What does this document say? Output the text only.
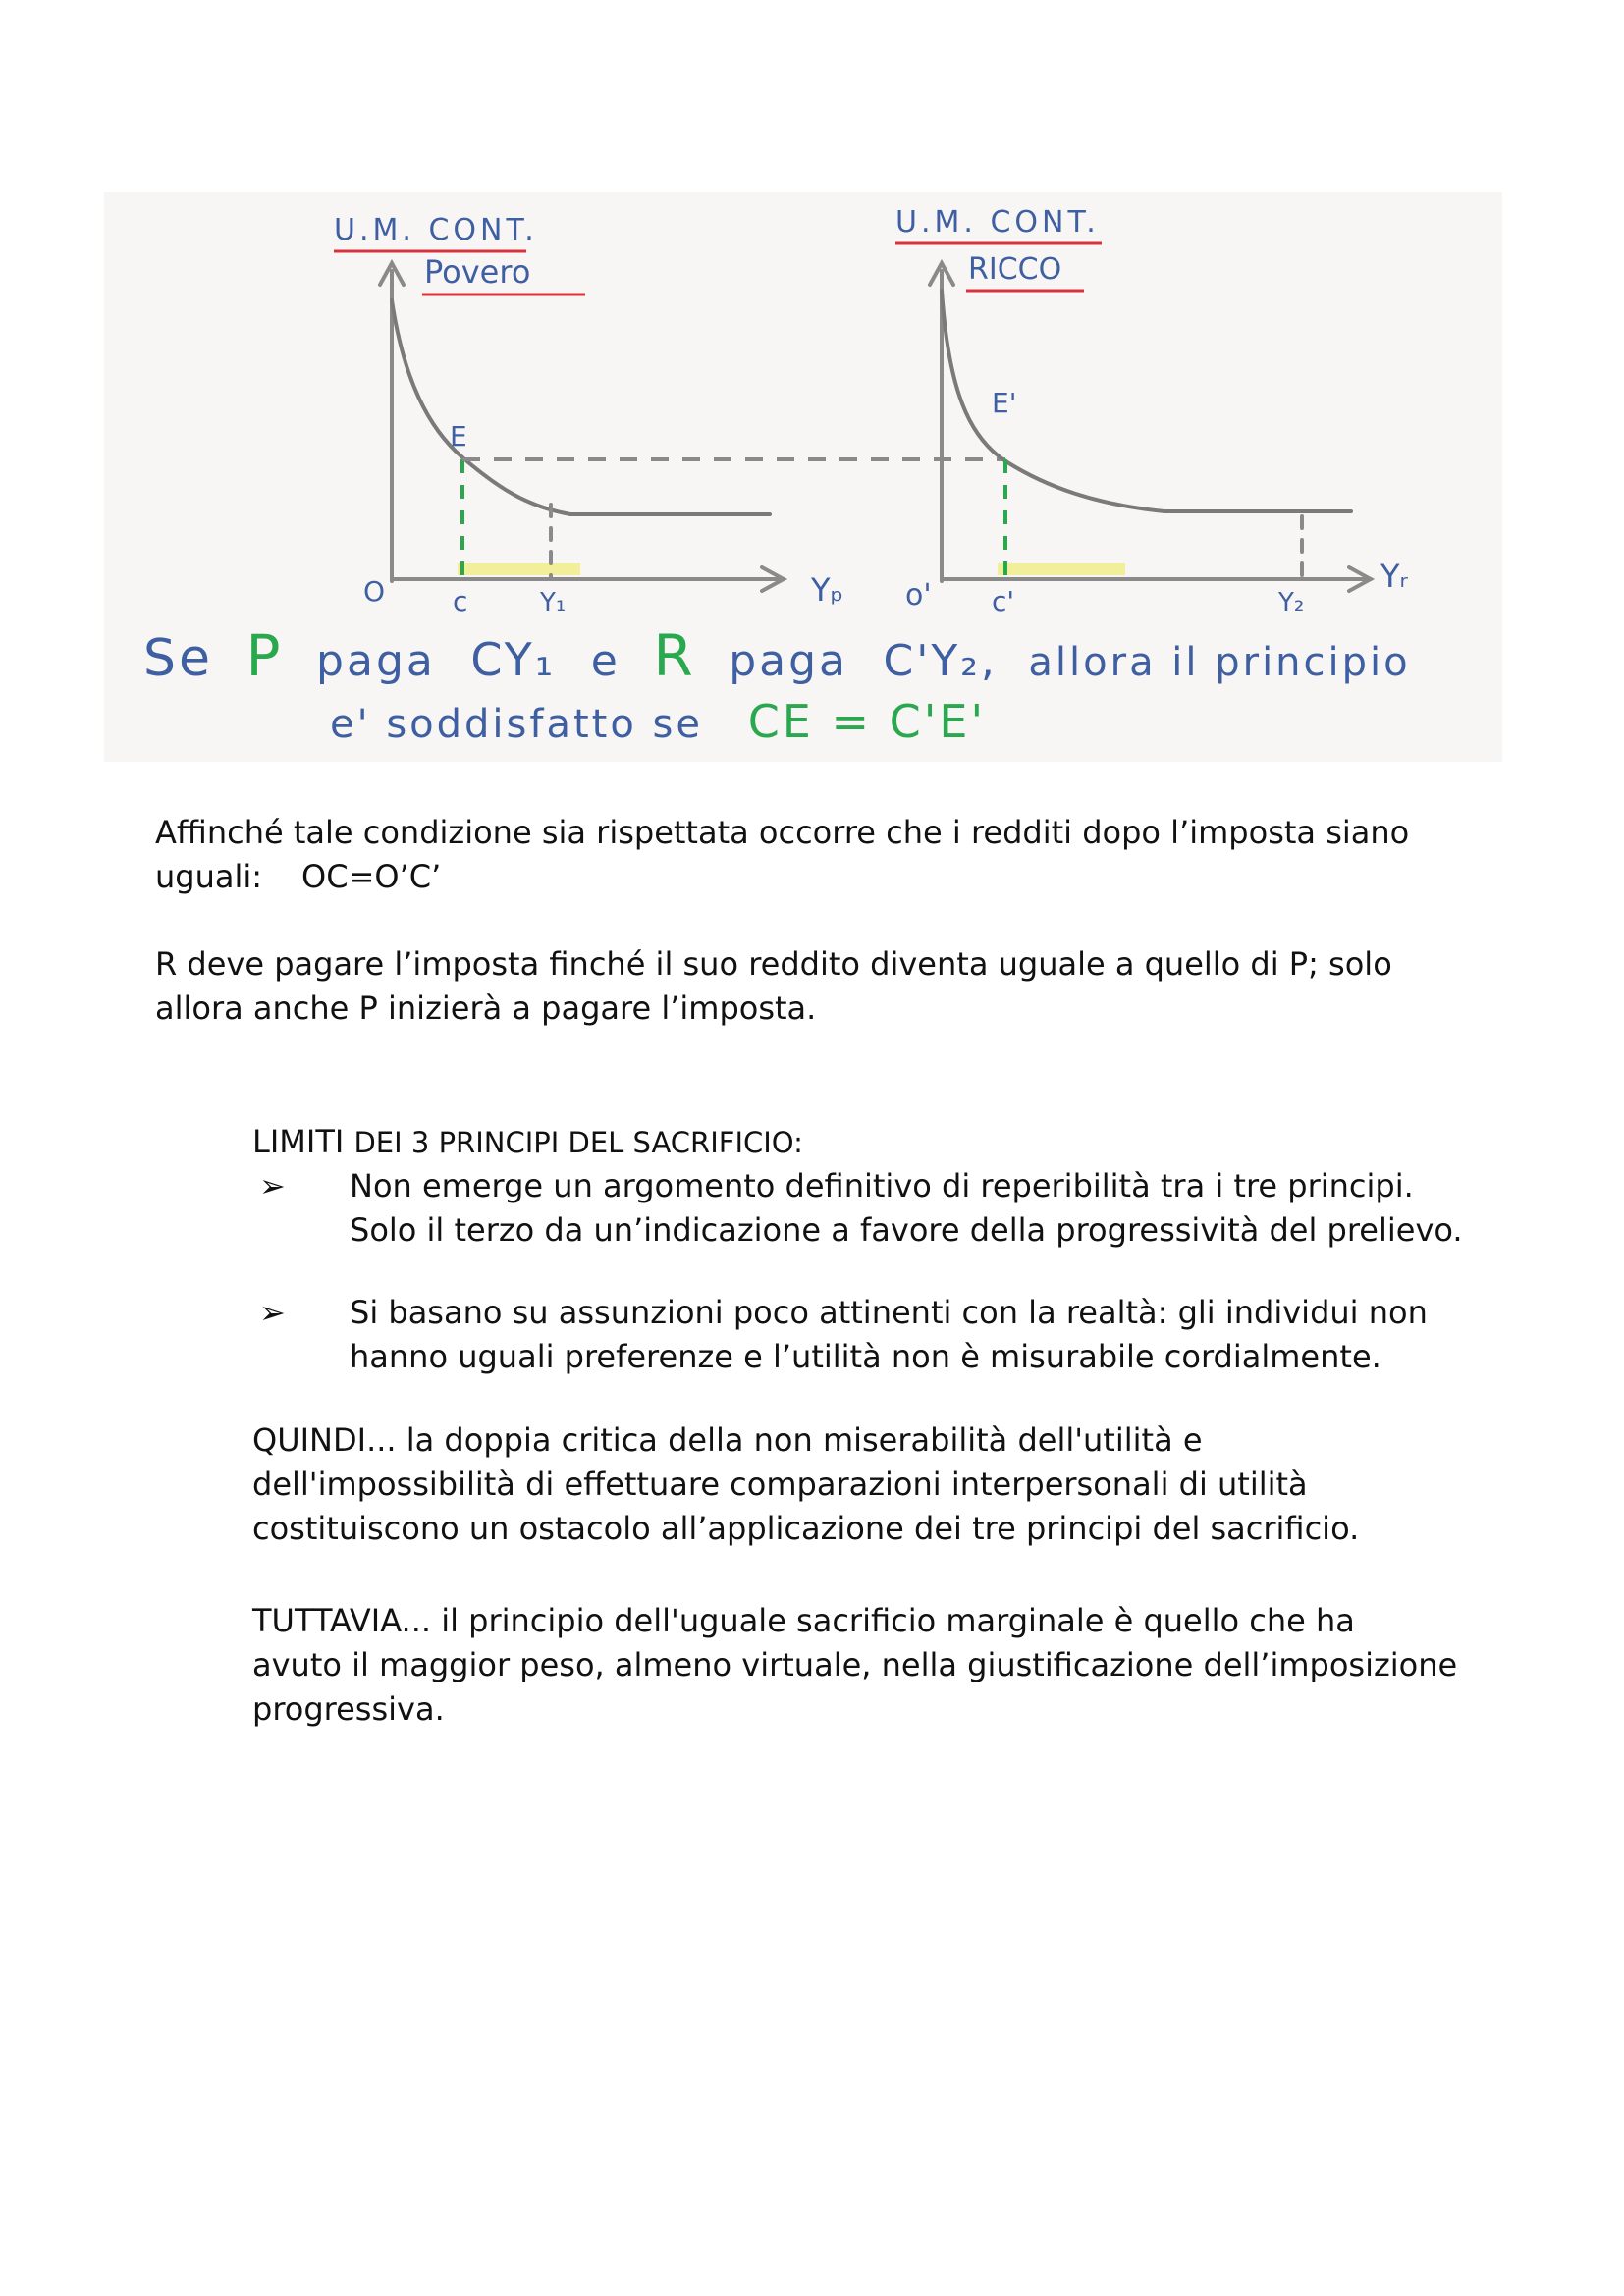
U.M. CONT.
Povero
O
E
c	Y₁	Yₚ
U.M. CONT.
RICCO
o'
E'
c'	Y₂
Yᵣ
Se P paga CY₁ e R paga C'Y₂, allora il principio
e' soddisfatto se CE = C'E'

Affinché tale condizione sia rispettata occorre che i redditi dopo l’imposta siano
uguali: OC=O’C’

R deve pagare l’imposta finché il suo reddito diventa uguale a quello di P; solo
allora anche P inizierà a pagare l’imposta.

LIMITI DEI 3 PRINCIPI DEL SACRIFICIO:
➢	Non emerge un argomento definitivo di reperibilità tra i tre principi.
Solo il terzo da un’indicazione a favore della progressività del prelievo.
➢	Si basano su assunzioni poco attinenti con la realtà: gli individui non
hanno uguali preferenze e l’utilità non è misurabile cordialmente.

QUINDI... la doppia critica della non miserabilità dell'utilità e
dell'impossibilità di effettuare comparazioni interpersonali di utilità
costituiscono un ostacolo all’applicazione dei tre principi del sacrificio.

TUTTAVIA... il principio dell'uguale sacrificio marginale è quello che ha
avuto il maggior peso, almeno virtuale, nella giustificazione dell’imposizione
progressiva.
